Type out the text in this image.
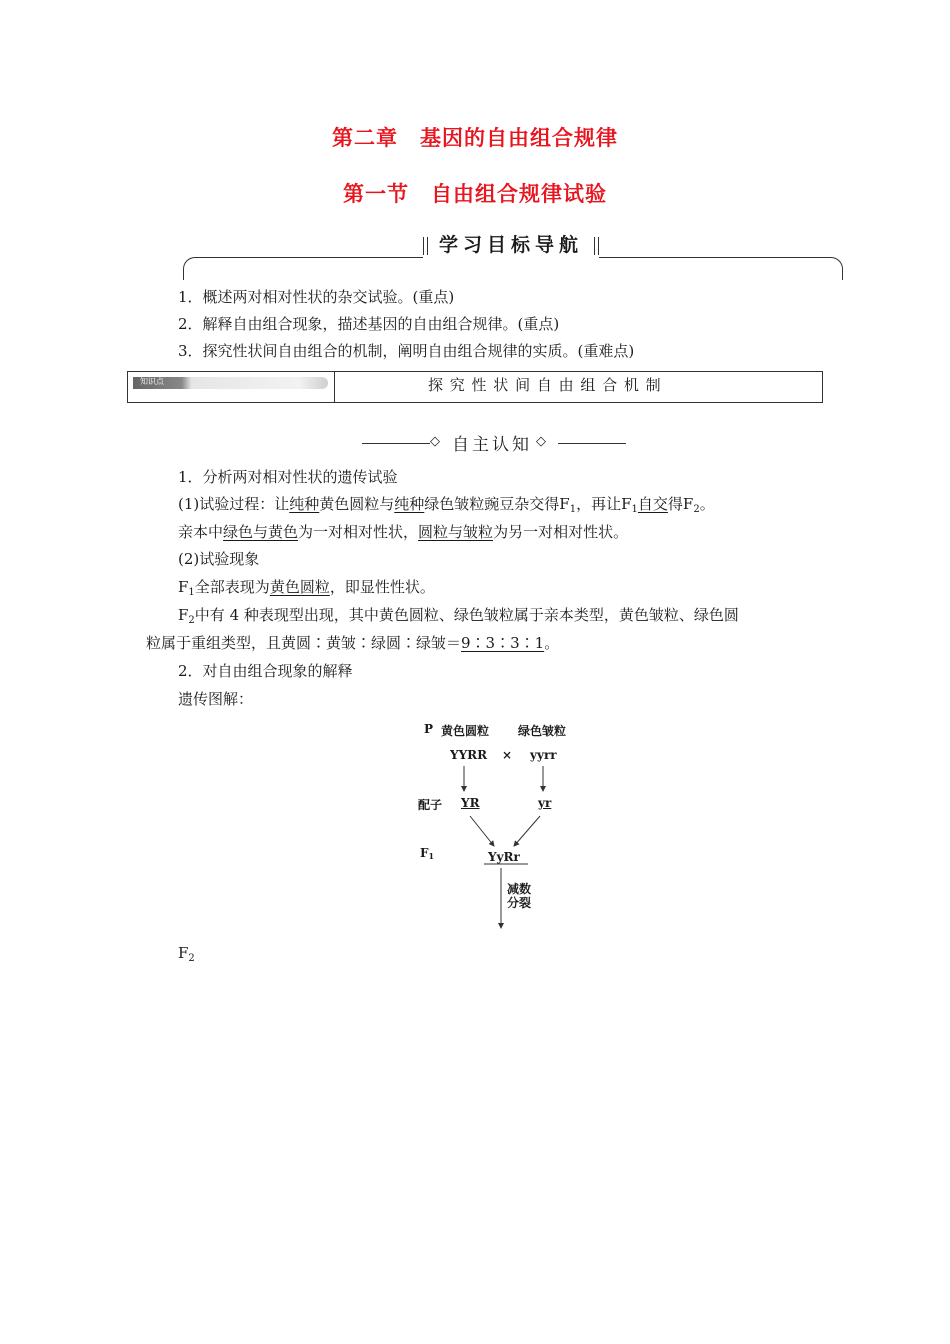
第二章　基因的自由组合规律
第一节　自由组合规律试验
学习目标导航
1．概述两对相对性状的杂交试验。(重点)
2．解释自由组合现象，描述基因的自由组合规律。(重点)
3．探究性状间自由组合的机制，阐明自由组合规律的实质。(重难点)
知识点	探 究 性 状 间 自 由 组 合 机 制
◇ 自主认知 ◇
1．分析两对相对性状的遗传试验
(1)试验过程：让纯种黄色圆粒与纯种绿色皱粒豌豆杂交得$F_1$，再让$F_1$自交得$F_2$。
亲本中绿色与黄色为一对相对性状，圆粒与皱粒为另一对相对性状。
(2)试验现象
$F_1$全部表现为黄色圆粒，即显性性状。
$F_2$中有 4 种表现型出现，其中黄色圆粒、绿色皱粒属于亲本类型，黄色皱粒、绿色圆
粒属于重组类型，且黄圆∶黄皱∶绿圆∶绿皱＝9∶3∶3∶1。
2．对自由组合现象的解释
遗传图解：
P 黄色圆粒 绿色皱粒
YYRR × yyrr
配子 YR	yr
F1	YyRr
减数
分裂
$F_2$
